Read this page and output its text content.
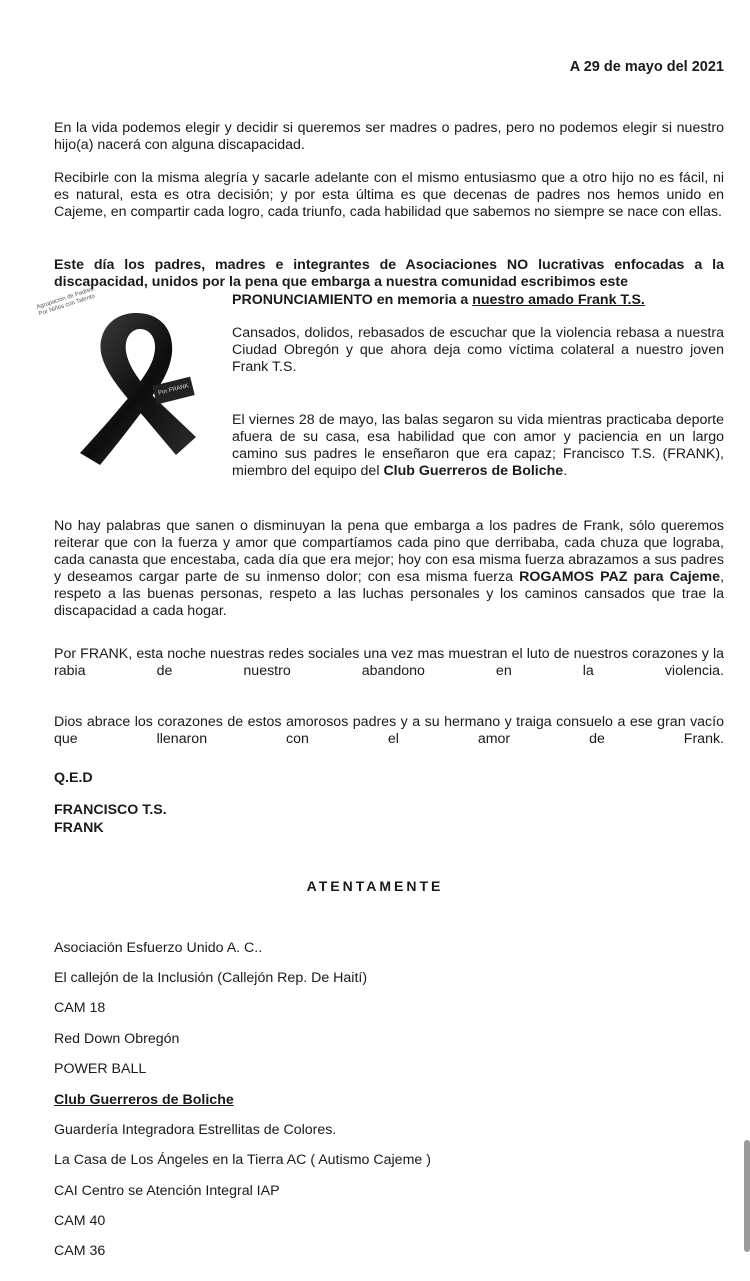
A 29 de mayo del 2021

En la vida podemos elegir y decidir si queremos ser madres o padres, pero no podemos elegir si nuestro hijo(a) nacerá con alguna discapacidad.

Recibirle con la misma alegría y sacarle adelante con el mismo entusiasmo que a otro hijo no es fácil, ni es natural, esta es otra decisión; y por esta última es que decenas de padres nos hemos unido en Cajeme, en compartir cada logro, cada triunfo, cada habilidad que sabemos no siempre se nace con ellas.

Este día los padres, madres e integrantes de Asociaciones NO lucrativas enfocadas a la discapacidad, unidos por la pena que embarga a nuestra comunidad escribimos este

PRONUNCIAMIENTO en memoria a nuestro amado Frank T.S.
Agrupación de Padres Por Niños con Talento
Por FRANK

Cansados, dolidos, rebasados de escuchar que la violencia rebasa a nuestra Ciudad Obregón y que ahora deja como víctima colateral a nuestro joven Frank T.S.

El viernes 28 de mayo, las balas segaron su vida mientras practicaba deporte afuera de su casa, esa habilidad que con amor y paciencia en un largo camino sus padres le enseñaron que era capaz; Francisco T.S. (FRANK), miembro del equipo del Club Guerreros de Boliche.

No hay palabras que sanen o disminuyan la pena que embarga a los padres de Frank, sólo queremos reiterar que con la fuerza y amor que compartíamos cada pino que derribaba, cada chuza que lograba, cada canasta que encestaba, cada día que era mejor; hoy con esa misma fuerza abrazamos a sus padres y deseamos cargar parte de su inmenso dolor; con esa misma fuerza ROGAMOS PAZ para Cajeme, respeto a las buenas personas, respeto a las luchas personales y los caminos cansados que trae la discapacidad a cada hogar.

Por FRANK, esta noche nuestras redes sociales una vez mas muestran el luto de nuestros corazones y la rabia de nuestro abandono en la violencia.

Dios abrace los corazones de estos amorosos padres y a su hermano y traiga consuelo a ese gran vacío que llenaron con el amor de Frank.

Q.E.D
FRANCISCO T.S.
FRANK
ATENTAMENTE
Asociación Esfuerzo Unido A. C..
El callejón de la Inclusión (Callejón Rep. De Haití)
CAM 18
Red Down Obregón
POWER BALL
Club Guerreros de Boliche
Guardería Integradora Estrellitas de Colores.
La Casa de Los Ángeles en la Tierra AC ( Autismo Cajeme )
CAI Centro se Atención Integral IAP
CAM 40
CAM 36
